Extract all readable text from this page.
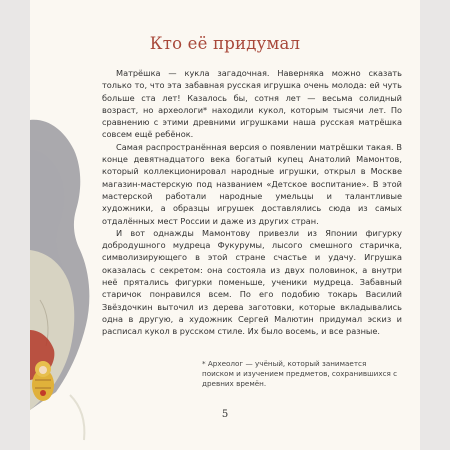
Кто её придумал

Матрёшка — кукла загадочная. Наверняка можно сказать только то, что эта забавная русская игрушка очень молода: ей чуть больше ста лет! Казалось бы, сотня лет — весьма солидный возраст, но археологи* находили кукол, которым тысячи лет. По сравнению с этими древними игрушками наша русская матрёшка совсем ещё ребёнок.

Самая распространённая версия о появлении матрёшки такая. В конце девятнадцатого века богатый купец Анатолий Мамонтов, который коллекционировал народные игрушки, открыл в Москве магазин-мастерскую под названием «Детское воспитание». В этой мастерской работали народные умельцы и талантливые художники, а образцы игрушек доставлялись сюда из самых отдалённых мест России и даже из других стран.

И вот однажды Мамонтову привезли из Японии фигурку добродушного мудреца Фукурумы, лысого смешного старичка, символизирующего в этой стране счастье и удачу. Игрушка оказалась с секретом: она состояла из двух половинок, а внутри неё прятались фигурки поменьше, ученики мудреца. Забавный старичок понравился всем. По его подобию токарь Василий Звёздочкин выточил из дерева заготовки, которые вкладывались одна в другую, а художник Сергей Малютин придумал эскиз и расписал кукол в русском стиле. Их было восемь, и все разные.

* Археолог — учёный, который занимается поиском и изучением предметов, сохранившихся с древних времён.
5
